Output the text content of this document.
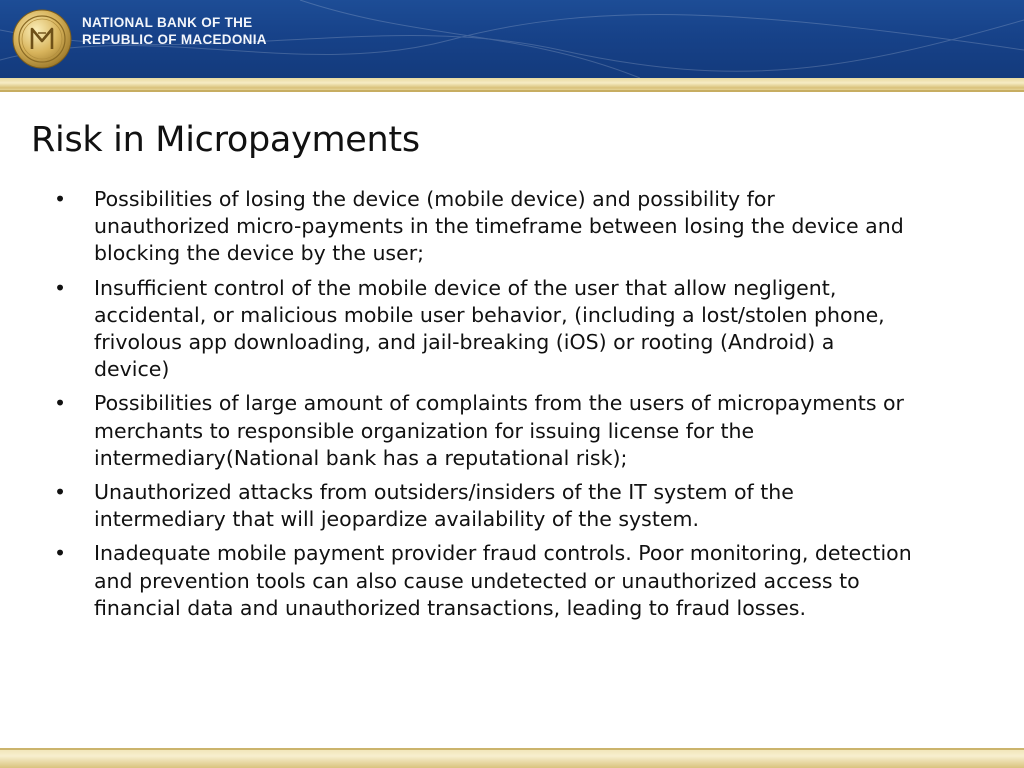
NATIONAL BANK OF THE
REPUBLIC OF MACEDONIA
Risk in Micropayments
• Possibilities of losing the device (mobile device) and possibility for unauthorized micro-payments in the timeframe between losing the device and blocking the device by the user;
• Insufficient control of the mobile device of the user that allow negligent, accidental, or malicious mobile user behavior, (including a lost/stolen phone, frivolous app downloading, and jail-breaking (iOS) or rooting (Android) a device)
• Possibilities of large amount of complaints from the users of micropayments or merchants to responsible organization for issuing license for the intermediary(National bank has a reputational risk);
• Unauthorized attacks from outsiders/insiders of the IT system of the intermediary that will jeopardize availability of the system.
• Inadequate mobile payment provider fraud controls. Poor monitoring, detection and prevention tools can also cause undetected or unauthorized access to financial data and unauthorized transactions, leading to fraud losses.
